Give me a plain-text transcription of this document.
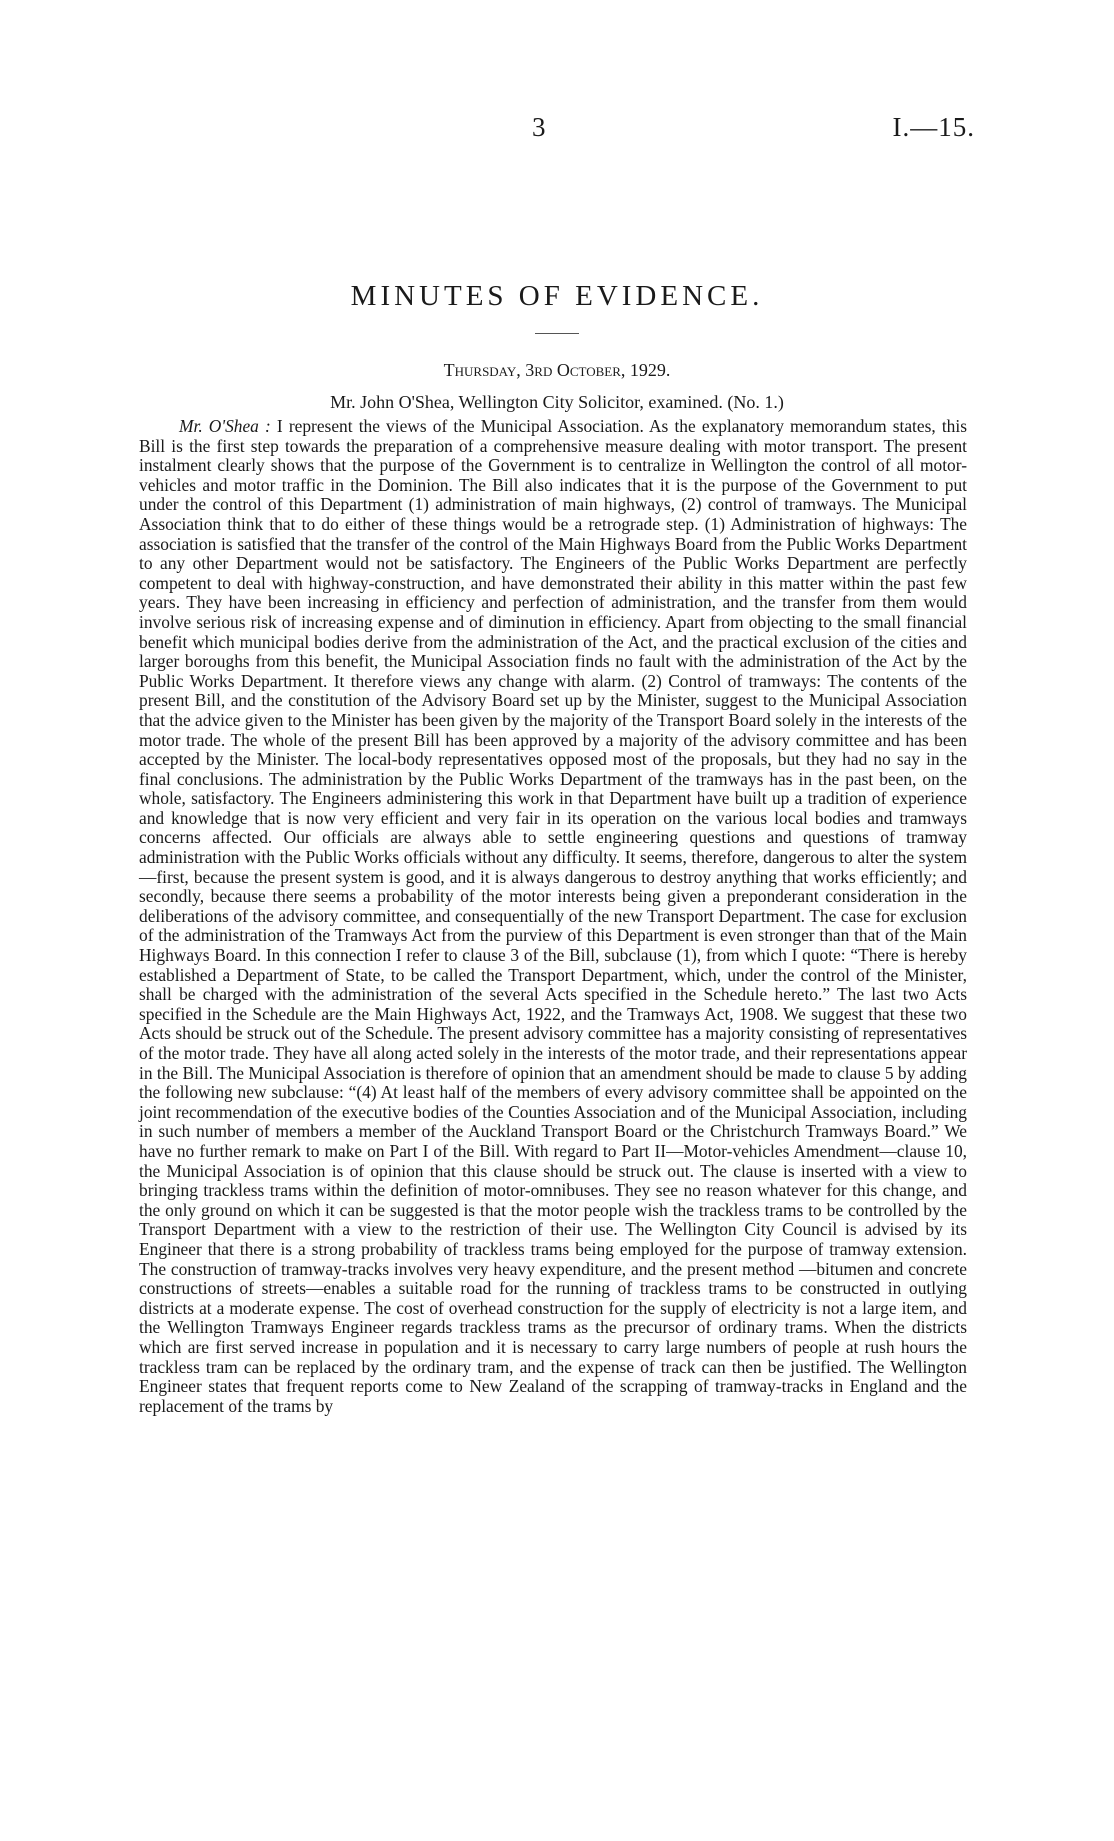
3	I.—15.
MINUTES OF EVIDENCE.
Thursday, 3rd October, 1929.
Mr. John O'Shea, Wellington City Solicitor, examined. (No. 1.)

Mr. O'Shea : I represent the views of the Municipal Association. As the explanatory memorandum states, this Bill is the first step towards the preparation of a comprehensive measure dealing with motor transport. The present instalment clearly shows that the purpose of the Government is to centralize in Wellington the control of all motor-vehicles and motor traffic in the Dominion. The Bill also indicates that it is the purpose of the Government to put under the control of this Department (1) administration of main highways, (2) control of tramways. The Municipal Association think that to do either of these things would be a retrograde step. (1) Administration of highways: The association is satisfied that the transfer of the control of the Main Highways Board from the Public Works Department to any other Department would not be satisfactory. The Engineers of the Public Works Department are perfectly competent to deal with highway-construction, and have demonstrated their ability in this matter within the past few years. They have been increasing in efficiency and perfection of administration, and the transfer from them would involve serious risk of increasing expense and of diminution in efficiency. Apart from objecting to the small financial benefit which municipal bodies derive from the administration of the Act, and the practical exclusion of the cities and larger boroughs from this benefit, the Municipal Association finds no fault with the administration of the Act by the Public Works Department. It therefore views any change with alarm. (2) Control of tramways: The contents of the present Bill, and the constitution of the Advisory Board set up by the Minister, suggest to the Municipal Association that the advice given to the Minister has been given by the majority of the Transport Board solely in the interests of the motor trade. The whole of the present Bill has been approved by a majority of the advisory committee and has been accepted by the Minister. The local-body representatives opposed most of the proposals, but they had no say in the final conclusions. The administration by the Public Works Department of the tramways has in the past been, on the whole, satisfactory. The Engineers administering this work in that Department have built up a tradition of experience and knowledge that is now very efficient and very fair in its operation on the various local bodies and tramways concerns affected. Our officials are always able to settle engineering questions and questions of tramway administration with the Public Works officials without any difficulty. It seems, therefore, dangerous to alter the system—first, because the present system is good, and it is always dangerous to destroy anything that works efficiently; and secondly, because there seems a probability of the motor interests being given a preponderant consideration in the deliberations of the advisory committee, and consequentially of the new Transport Department. The case for exclusion of the administration of the Tramways Act from the purview of this Department is even stronger than that of the Main Highways Board. In this connection I refer to clause 3 of the Bill, subclause (1), from which I quote: “There is hereby established a Department of State, to be called the Transport Department, which, under the control of the Minister, shall be charged with the administration of the several Acts specified in the Schedule hereto.” The last two Acts specified in the Schedule are the Main Highways Act, 1922, and the Tramways Act, 1908. We suggest that these two Acts should be struck out of the Schedule. The present advisory committee has a majority consisting of representatives of the motor trade. They have all along acted solely in the interests of the motor trade, and their representations appear in the Bill. The Municipal Association is therefore of opinion that an amendment should be made to clause 5 by adding the following new subclause: “(4) At least half of the members of every advisory committee shall be appointed on the joint recommendation of the executive bodies of the Counties Association and of the Municipal Association, including in such number of members a member of the Auckland Transport Board or the Christchurch Tramways Board.” We have no further remark to make on Part I of the Bill. With regard to Part II—Motor-vehicles Amendment—clause 10, the Municipal Association is of opinion that this clause should be struck out. The clause is inserted with a view to bringing trackless trams within the definition of motor-omnibuses. They see no reason whatever for this change, and the only ground on which it can be suggested is that the motor people wish the trackless trams to be controlled by the Transport Department with a view to the restriction of their use. The Wellington City Council is advised by its Engineer that there is a strong probability of trackless trams being employed for the purpose of tramway extension. The construction of tramway-tracks involves very heavy expenditure, and the present method —bitumen and concrete constructions of streets—enables a suitable road for the running of trackless trams to be constructed in outlying districts at a moderate expense. The cost of overhead construction for the supply of electricity is not a large item, and the Wellington Tramways Engineer regards trackless trams as the precursor of ordinary trams. When the districts which are first served increase in population and it is necessary to carry large numbers of people at rush hours the trackless tram can be replaced by the ordinary tram, and the expense of track can then be justified. The Wellington Engineer states that frequent reports come to New Zealand of the scrapping of tramway-tracks in England and the replacement of the trams by
